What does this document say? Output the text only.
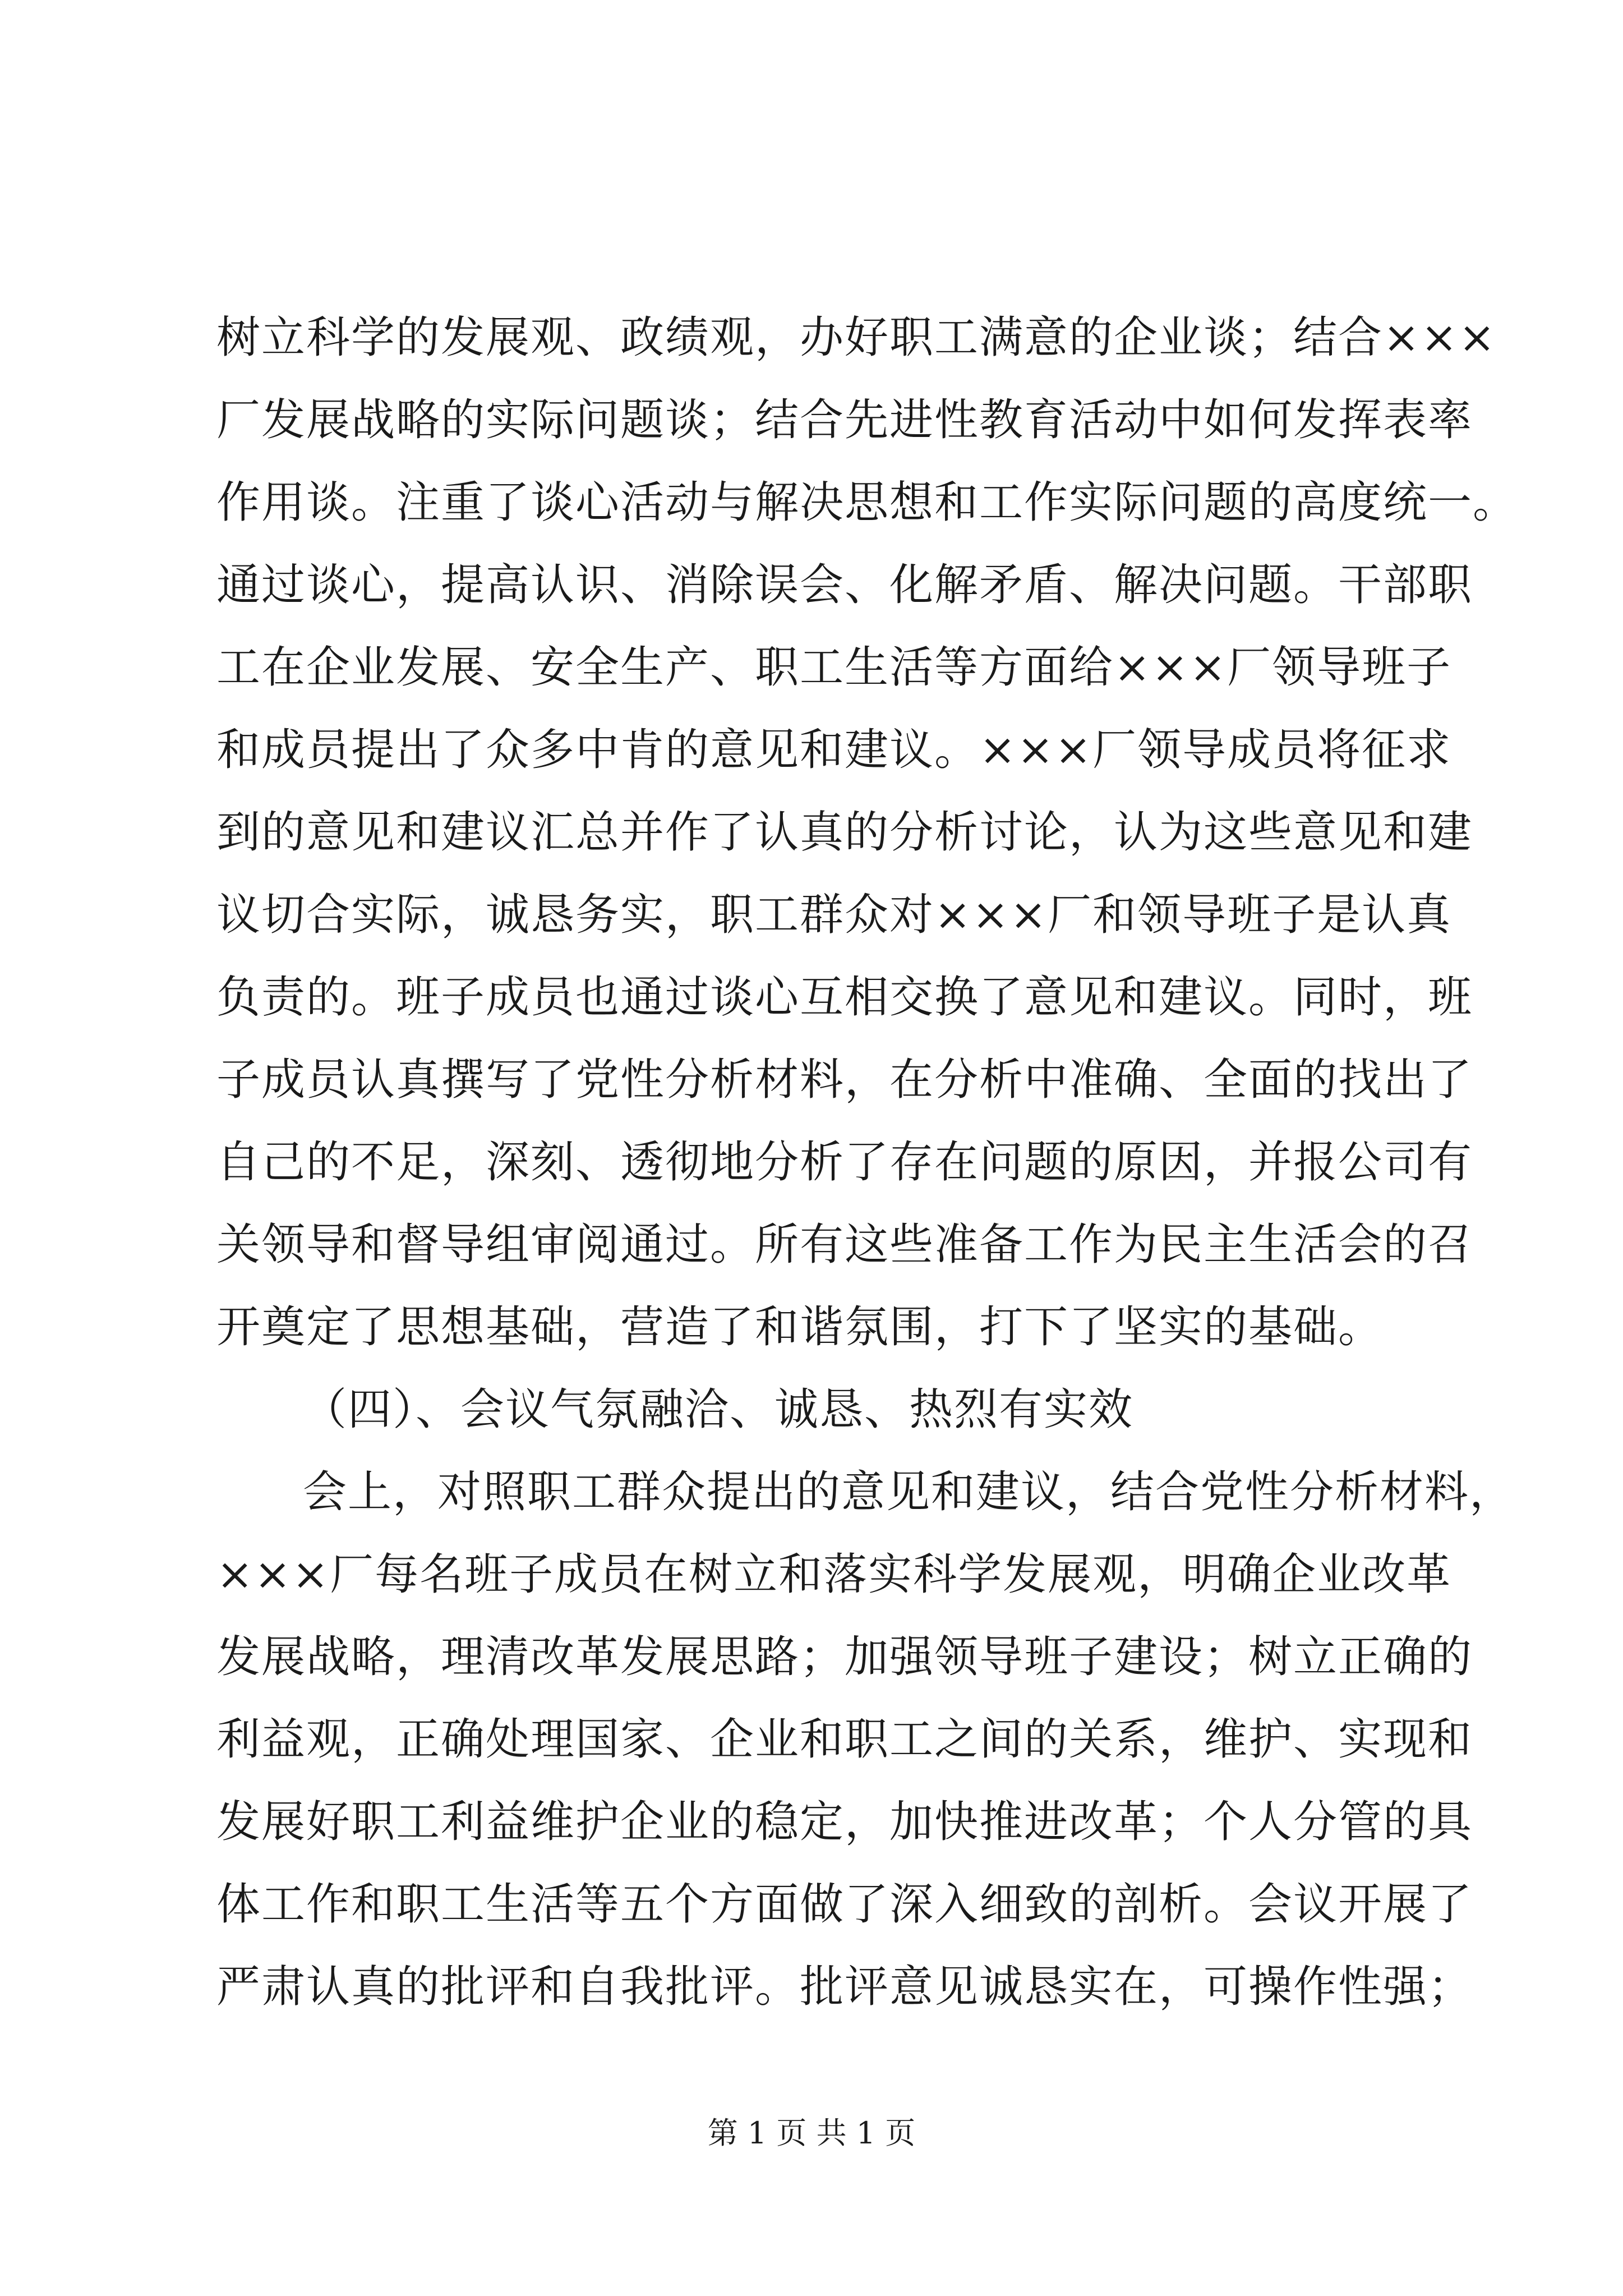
树立科学的发展观、政绩观，办好职工满意的企业谈；结合×××
厂发展战略的实际问题谈；结合先进性教育活动中如何发挥表率
作用谈。注重了谈心活动与解决思想和工作实际问题的高度统一。
通过谈心，提高认识、消除误会、化解矛盾、解决问题。干部职
工在企业发展、安全生产、职工生活等方面给×××厂领导班子
和成员提出了众多中肯的意见和建议。×××厂领导成员将征求
到的意见和建议汇总并作了认真的分析讨论，认为这些意见和建
议切合实际，诚恳务实，职工群众对×××厂和领导班子是认真
负责的。班子成员也通过谈心互相交换了意见和建议。同时，班
子成员认真撰写了党性分析材料，在分析中准确、全面的找出了
自己的不足，深刻、透彻地分析了存在问题的原因，并报公司有
关领导和督导组审阅通过。所有这些准备工作为民主生活会的召
开奠定了思想基础，营造了和谐氛围，打下了坚实的基础。
（四）、会议气氛融洽、诚恳、热烈有实效
会上，对照职工群众提出的意见和建议，结合党性分析材料，
×××厂每名班子成员在树立和落实科学发展观，明确企业改革
发展战略，理清改革发展思路；加强领导班子建设；树立正确的
利益观，正确处理国家、企业和职工之间的关系，维护、实现和
发展好职工利益维护企业的稳定，加快推进改革；个人分管的具
体工作和职工生活等五个方面做了深入细致的剖析。会议开展了
严肃认真的批评和自我批评。批评意见诚恳实在，可操作性强；
第 1 页 共 1 页
